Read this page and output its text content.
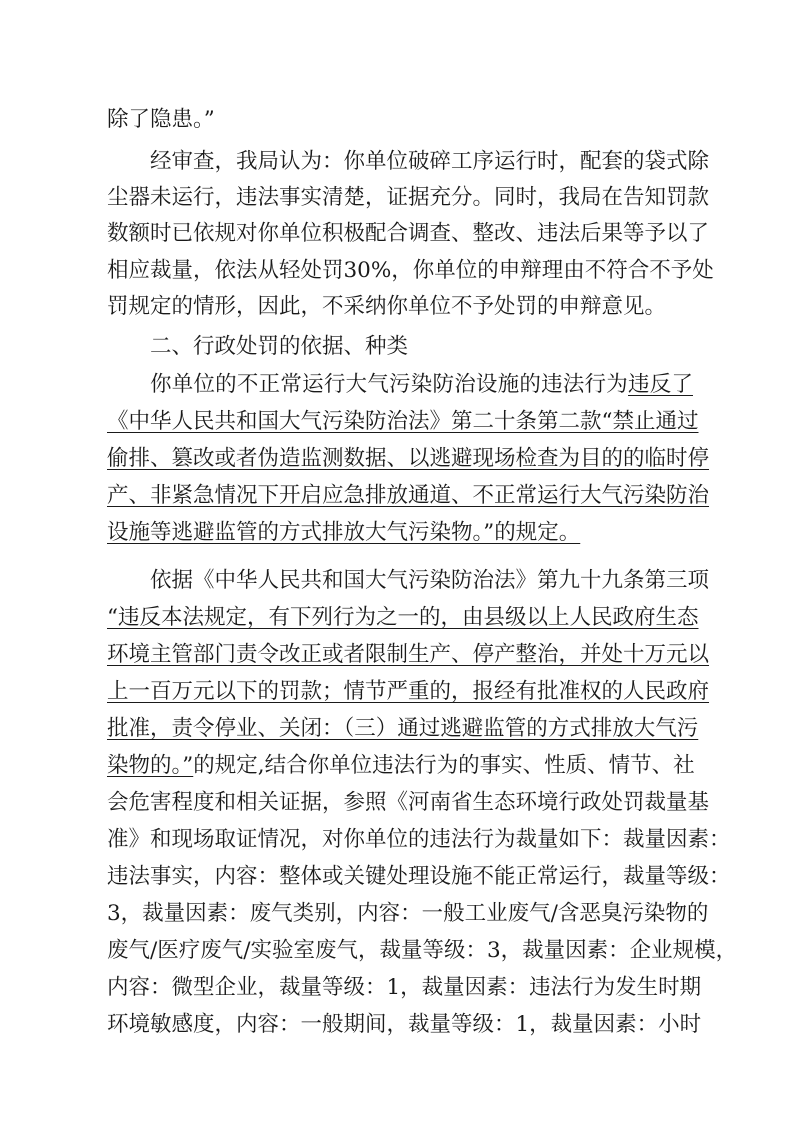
除了隐患。”
经审查，我局认为：你单位破碎工序运行时，配套的袋式除
尘器未运行，违法事实清楚，证据充分。同时，我局在告知罚款
数额时已依规对你单位积极配合调查、整改、违法后果等予以了
相应裁量，依法从轻处罚30%，你单位的申辩理由不符合不予处
罚规定的情形，因此，不采纳你单位不予处罚的申辩意见。
二、行政处罚的依据、种类
你单位的不正常运行大气污染防治设施的违法行为违反了
《中华人民共和国大气污染防治法》第二十条第二款“禁止通过
偷排、篡改或者伪造监测数据、以逃避现场检查为目的的临时停
产、非紧急情况下开启应急排放通道、不正常运行大气污染防治
设施等逃避监管的方式排放大气污染物。”的规定。
依据《中华人民共和国大气污染防治法》第九十九条第三项
“违反本法规定，有下列行为之一的，由县级以上人民政府生态
环境主管部门责令改正或者限制生产、停产整治，并处十万元以
上一百万元以下的罚款；情节严重的，报经有批准权的人民政府
批准，责令停业、关闭：（三）通过逃避监管的方式排放大气污
染物的。”的规定,结合你单位违法行为的事实、性质、情节、社
会危害程度和相关证据，参照《河南省生态环境行政处罚裁量基
准》和现场取证情况，对你单位的违法行为裁量如下：裁量因素：
违法事实，内容：整体或关键处理设施不能正常运行，裁量等级：
3，裁量因素：废气类别，内容：一般工业废气/含恶臭污染物的
废气/医疗废气/实验室废气，裁量等级：3，裁量因素：企业规模，
内容：微型企业，裁量等级：1，裁量因素：违法行为发生时期
环境敏感度，内容：一般期间，裁量等级：1，裁量因素：小时
